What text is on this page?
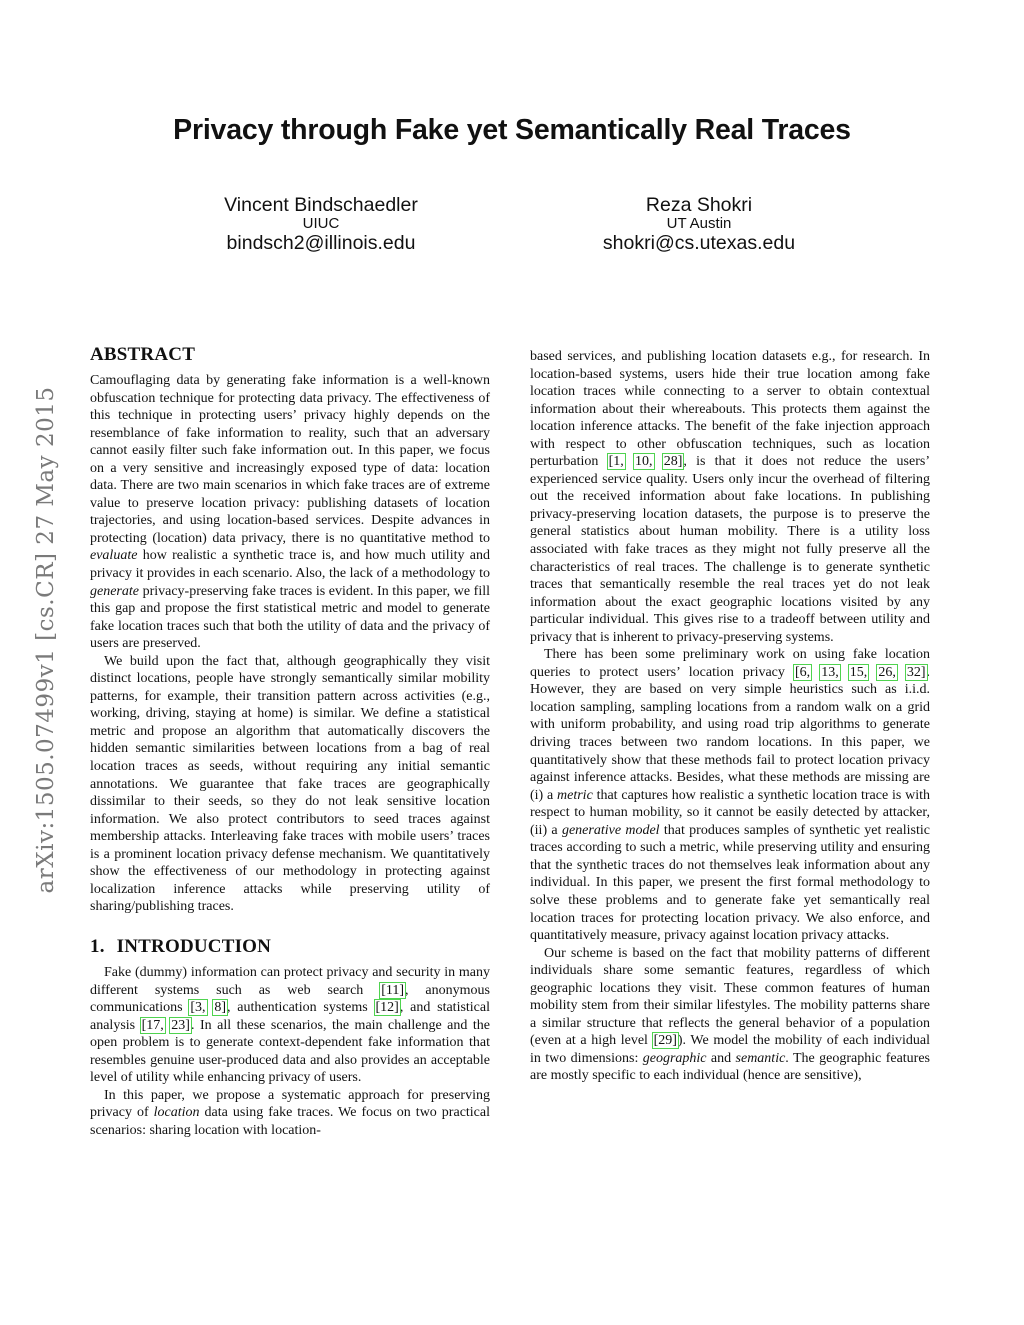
Privacy through Fake yet Semantically Real Traces
Vincent Bindschaedler
UIUC
bindsch2@illinois.edu
Reza Shokri
UT Austin
shokri@cs.utexas.edu
arXiv:1505.07499v1 [cs.CR] 27 May 2015
ABSTRACT

Camouflaging data by generating fake information is a well-known obfuscation technique for protecting data privacy. The effectiveness of this technique in protecting users’ privacy highly depends on the resemblance of fake information to reality, such that an adversary cannot easily filter such fake information out. In this paper, we focus on a very sensitive and increasingly exposed type of data: location data. There are two main scenarios in which fake traces are of extreme value to preserve location privacy: publishing datasets of location trajectories, and using location-based services. Despite advances in protecting (location) data privacy, there is no quantitative method to evaluate how realistic a synthetic trace is, and how much utility and privacy it provides in each scenario. Also, the lack of a methodology to generate privacy-preserving fake traces is evident. In this paper, we fill this gap and propose the first statistical metric and model to generate fake location traces such that both the utility of data and the privacy of users are preserved.

We build upon the fact that, although geographically they visit distinct locations, people have strongly semantically similar mobility patterns, for example, their transition pattern across activities (e.g., working, driving, staying at home) is similar. We define a statistical metric and propose an algorithm that automatically discovers the hidden semantic similarities between locations from a bag of real location traces as seeds, without requiring any initial semantic annotations. We guarantee that fake traces are geographically dissimilar to their seeds, so they do not leak sensitive location information. We also protect contributors to seed traces against membership attacks. Interleaving fake traces with mobile users’ traces is a prominent location privacy defense mechanism. We quantitatively show the effectiveness of our methodology in protecting against localization inference attacks while preserving utility of sharing/publishing traces.

1. INTRODUCTION

Fake (dummy) information can protect privacy and security in many different systems such as web search [11], anonymous communications [3, 8], authentication systems [12], and statistical analysis [17, 23]. In all these scenarios, the main challenge and the open problem is to generate context-dependent fake information that resembles genuine user-produced data and also provides an acceptable level of utility while enhancing privacy of users.

In this paper, we propose a systematic approach for preserving privacy of location data using fake traces. We focus on two practical scenarios: sharing location with location-

based services, and publishing location datasets e.g., for research. In location-based systems, users hide their true location among fake location traces while connecting to a server to obtain contextual information about their whereabouts. This protects them against the location inference attacks. The benefit of the fake injection approach with respect to other obfuscation techniques, such as location perturbation [1, 10, 28], is that it does not reduce the users’ experienced service quality. Users only incur the overhead of filtering out the received information about fake locations. In publishing privacy-preserving location datasets, the purpose is to preserve the general statistics about human mobility. There is a utility loss associated with fake traces as they might not fully preserve all the characteristics of real traces. The challenge is to generate synthetic traces that semantically resemble the real traces yet do not leak information about the exact geographic locations visited by any particular individual. This gives rise to a tradeoff between utility and privacy that is inherent to privacy-preserving systems.

There has been some preliminary work on using fake location queries to protect users’ location privacy [6, 13, 15, 26, 32]. However, they are based on very simple heuristics such as i.i.d. location sampling, sampling locations from a random walk on a grid with uniform probability, and using road trip algorithms to generate driving traces between two random locations. In this paper, we quantitatively show that these methods fail to protect location privacy against inference attacks. Besides, what these methods are missing are (i) a metric that captures how realistic a synthetic location trace is with respect to human mobility, so it cannot be easily detected by attacker, (ii) a generative model that produces samples of synthetic yet realistic traces according to such a metric, while preserving utility and ensuring that the synthetic traces do not themselves leak information about any individual. In this paper, we present the first formal methodology to solve these problems and to generate fake yet semantically real location traces for protecting location privacy. We also enforce, and quantitatively measure, privacy against location privacy attacks.

Our scheme is based on the fact that mobility patterns of different individuals share some semantic features, regardless of which geographic locations they visit. These common features of human mobility stem from their similar lifestyles. The mobility patterns share a similar structure that reflects the general behavior of a population (even at a high level [29]). We model the mobility of each individual in two dimensions: geographic and semantic. The geographic features are mostly specific to each individual (hence are sensitive),
